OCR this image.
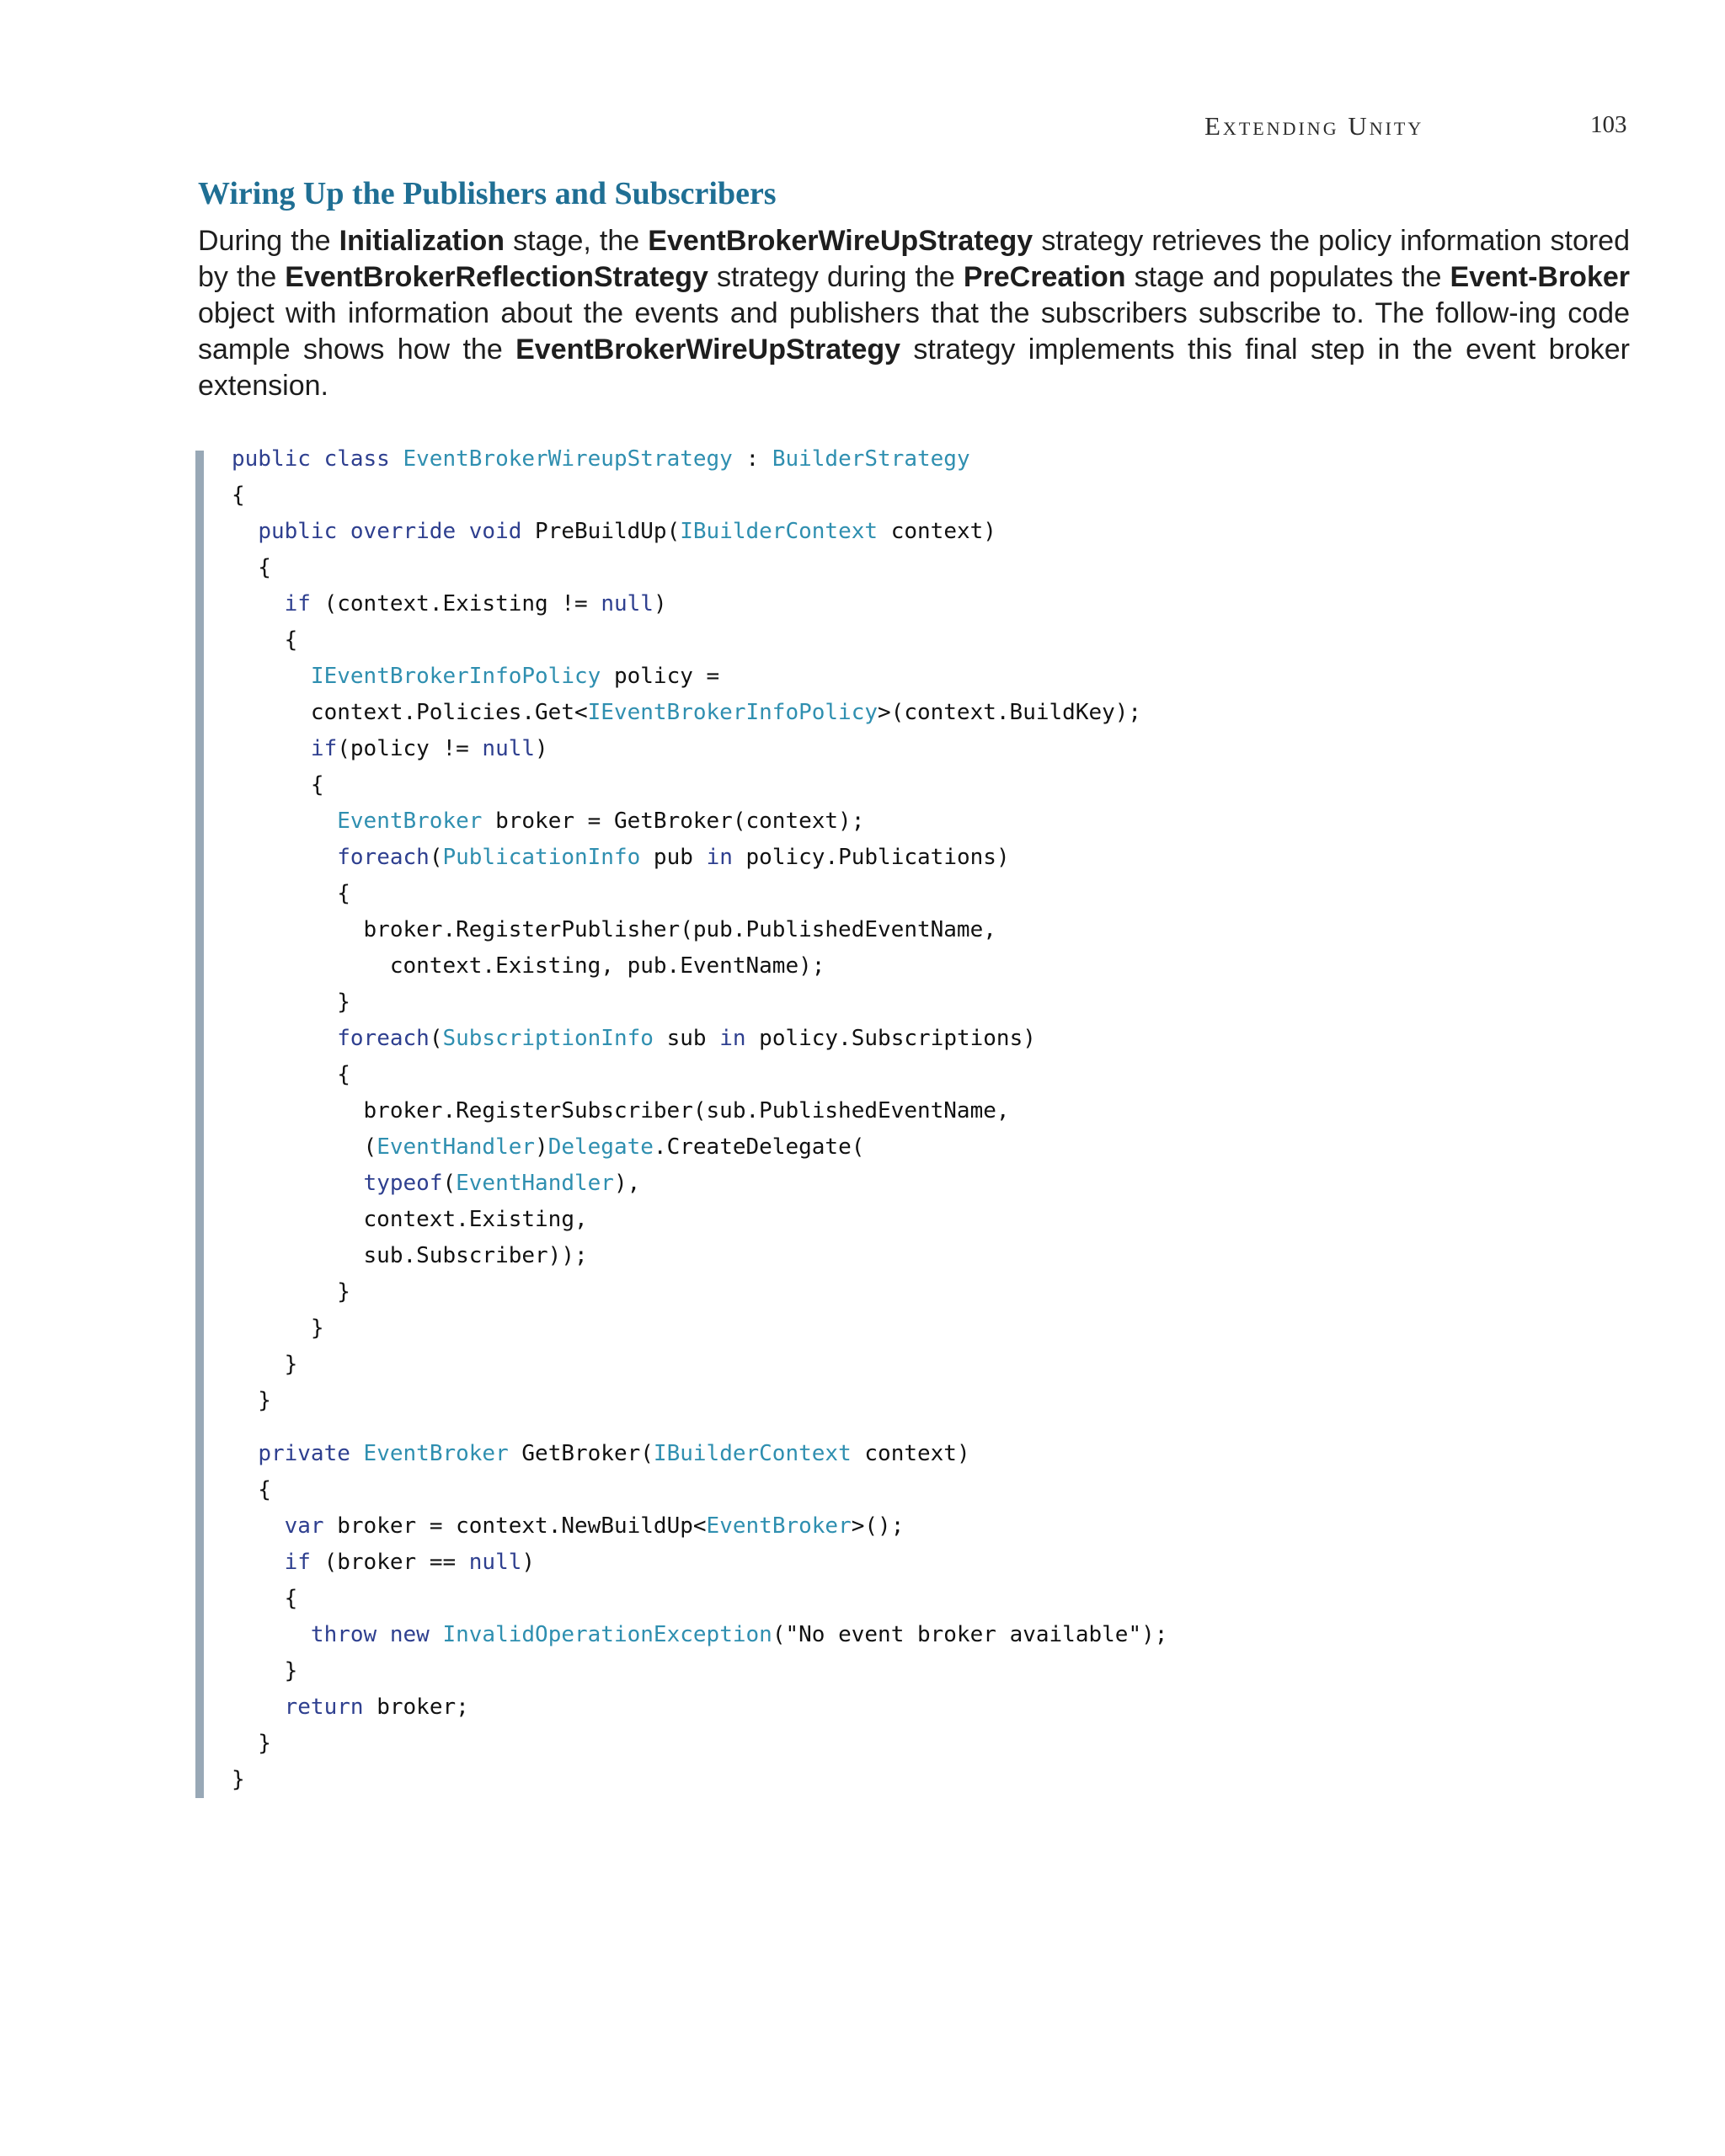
Extending Unity	103
Wiring Up the Publishers and Subscribers

During the Initialization stage, the EventBrokerWireUpStrategy strategy retrieves the policy information stored by the EventBrokerReflectionStrategy strategy during the PreCreation stage and populates the Event-Broker object with information about the events and publishers that the subscribers subscribe to. The follow-ing code sample shows how the EventBrokerWireUpStrategy strategy implements this final step in the event broker extension.

public class EventBrokerWireupStrategy : BuilderStrategy
{
public override void PreBuildUp(IBuilderContext context)
{
if (context.Existing != null)
{
IEventBrokerInfoPolicy policy =
context.Policies.Get<IEventBrokerInfoPolicy>(context.BuildKey);
if(policy != null)
{
EventBroker broker = GetBroker(context);
foreach(PublicationInfo pub in policy.Publications)
{
broker.RegisterPublisher(pub.PublishedEventName,
context.Existing, pub.EventName);
}
foreach(SubscriptionInfo sub in policy.Subscriptions)
{
broker.RegisterSubscriber(sub.PublishedEventName,
(EventHandler)Delegate.CreateDelegate(
typeof(EventHandler),
context.Existing,
sub.Subscriber));
}
}
}
}
private EventBroker GetBroker(IBuilderContext context)
{
var broker = context.NewBuildUp<EventBroker>();
if (broker == null)
{
throw new InvalidOperationException("No event broker available");
}
return broker;
}
}
